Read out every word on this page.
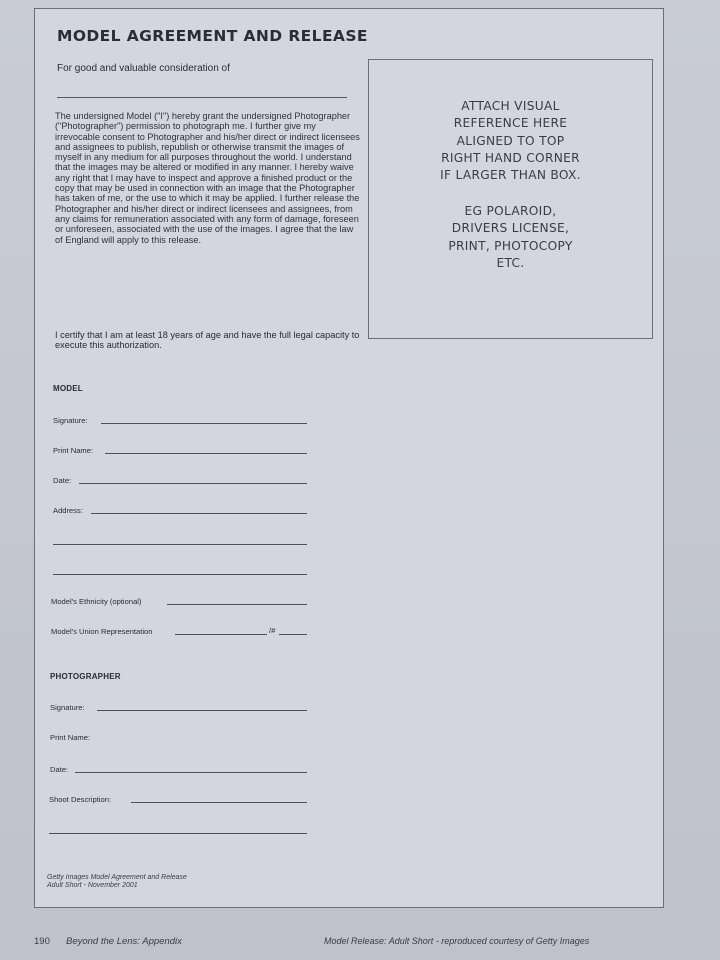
MODEL AGREEMENT AND RELEASE
For good and valuable consideration of

The undersigned Model ("I") hereby grant the undersigned Photographer ("Photographer") permission to photograph me. I further give my irrevocable consent to Photographer and his/her direct or indirect licensees and assignees to publish, republish or otherwise transmit the images of myself in any medium for all purposes throughout the world. I understand that the images may be altered or modified in any manner. I hereby waive any right that I may have to inspect and approve a finished product or the copy that may be used in connection with an image that the Photographer has taken of me, or the use to which it may be applied. I further release the Photographer and his/her direct or indirect licensees and assignees, from any claims for remuneration associated with any form of damage, foreseen or unforeseen, associated with the use of the images. I agree that the law of England will apply to this release.

I certify that I am at least 18 years of age and have the full legal capacity to execute this authorization.

ATTACH VISUAL
REFERENCE HERE
ALIGNED TO TOP
RIGHT HAND CORNER
IF LARGER THAN BOX.

EG POLAROID,
DRIVERS LICENSE,
PRINT, PHOTOCOPY
ETC.

MODEL
Signature:
Print Name:
Date:
Address:
Model's Ethnicity (optional)
Model's Union Representation	/#
PHOTOGRAPHER
Signature:
Print Name:
Date:
Shoot Description:
Getty Images Model Agreement and Release
Adult Short - November 2001
190 Beyond the Lens: Appendix	Model Release: Adult Short - reproduced courtesy of Getty Images
